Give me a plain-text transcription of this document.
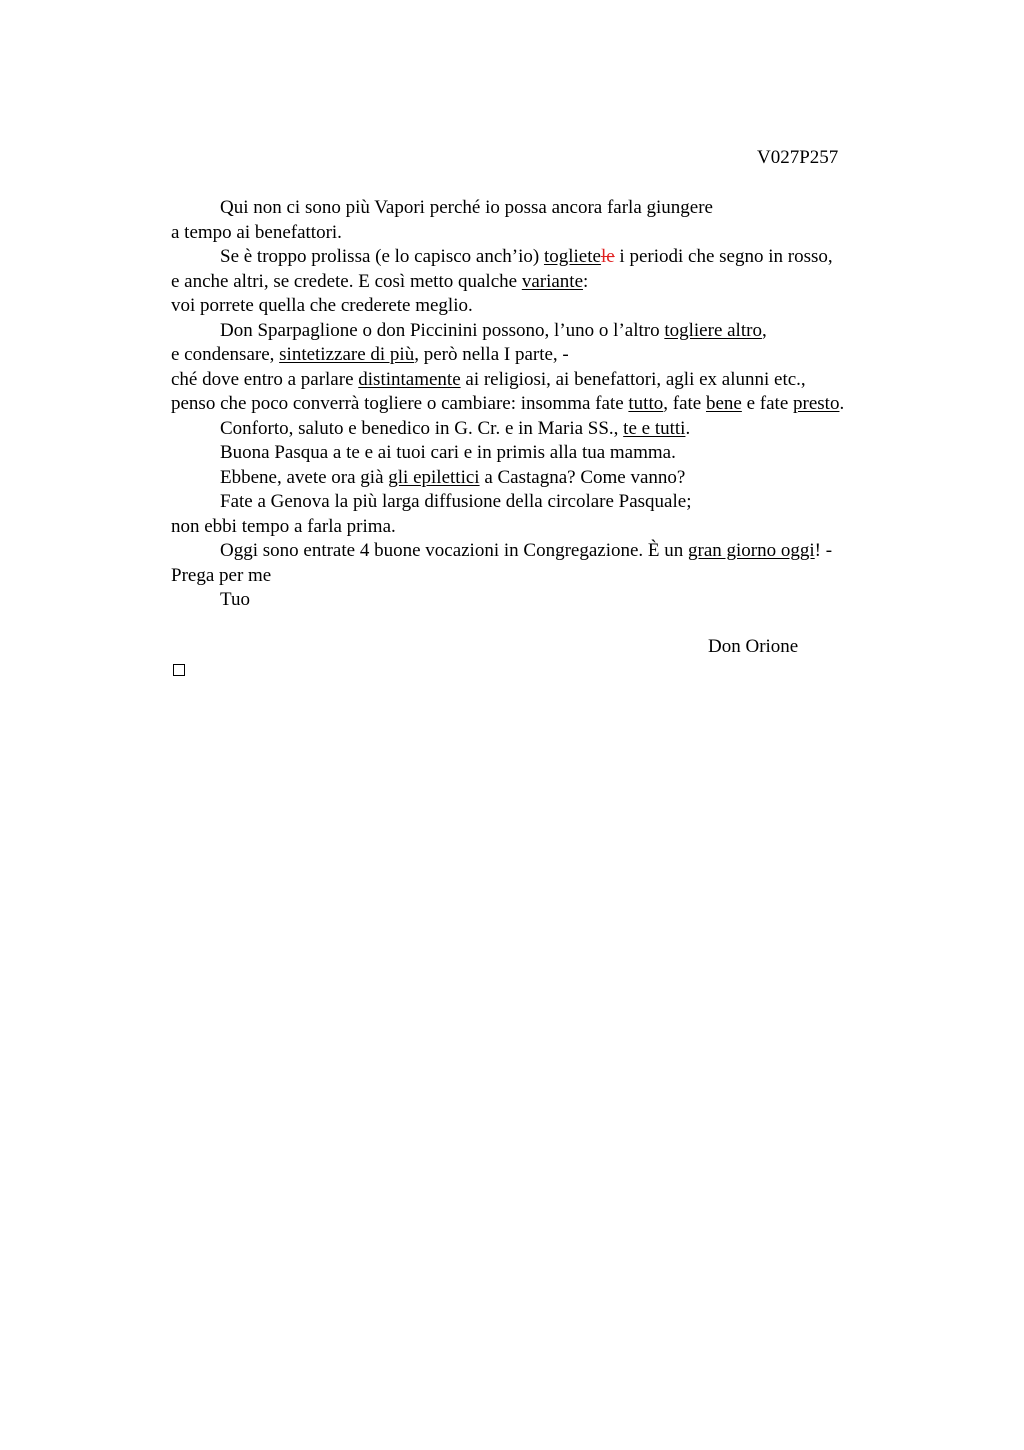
V027P257
Qui non ci sono più Vapori perché io possa ancora farla giungere
a tempo ai benefattori.
Se è troppo prolissa (e lo capisco anch’io) toglietele i periodi che segno in rosso,
e anche altri, se credete. E così metto qualche variante:
voi porrete quella che crederete meglio.
Don Sparpaglione o don Piccinini possono, l’uno o l’altro togliere altro,
e condensare, sintetizzare di più, però nella I parte, -
ché dove entro a parlare distintamente ai religiosi, ai benefattori, agli ex alunni etc.,
penso che poco converrà togliere o cambiare: insomma fate tutto, fate bene e fate presto.
Conforto, saluto e benedico in G. Cr. e in Maria SS., te e tutti.
Buona Pasqua a te e ai tuoi cari e in primis alla tua mamma.
Ebbene, avete ora già gli epilettici a Castagna? Come vanno?
Fate a Genova la più larga diffusione della circolare Pasquale;
non ebbi tempo a farla prima.
Oggi sono entrate 4 buone vocazioni in Congregazione. È un gran giorno oggi! -
Prega per me
Tuo
Don Orione
